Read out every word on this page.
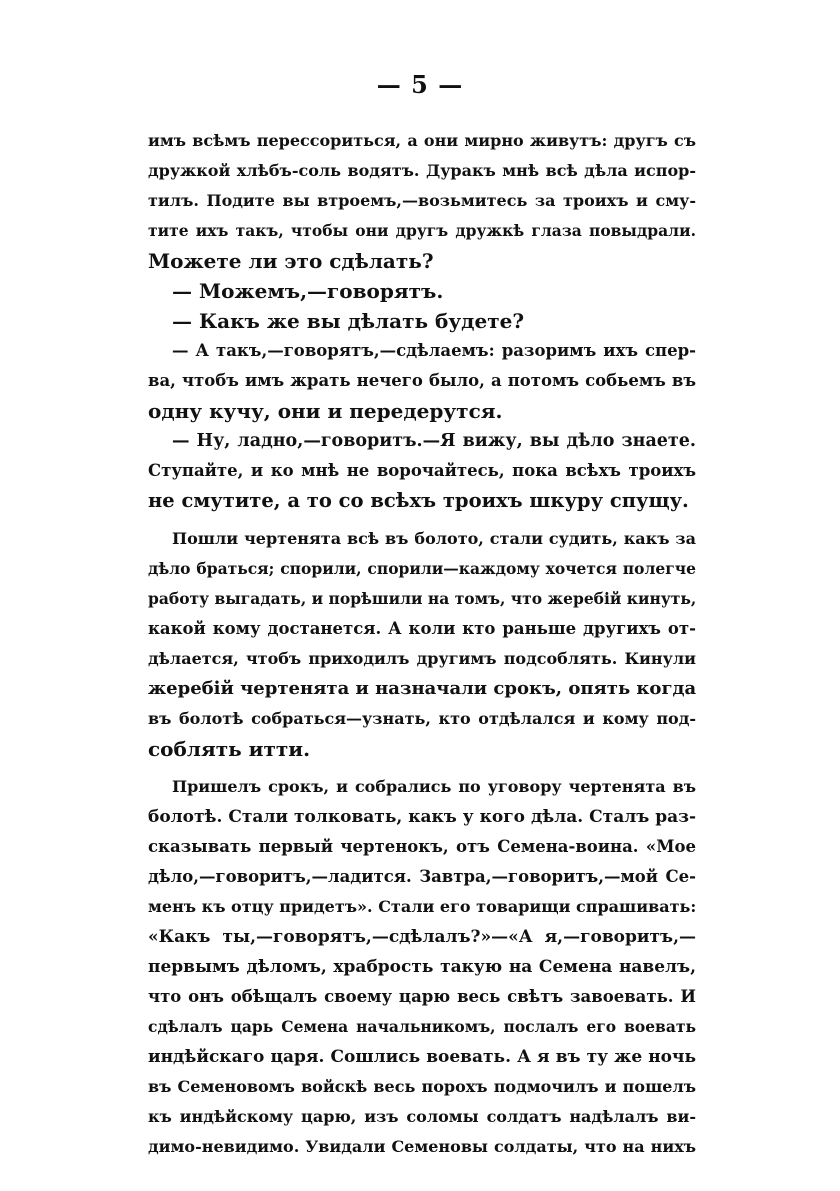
— 5 —
имъ всѣмъ перессориться, а они мирно живутъ: другъ съ
дружкой хлѣбъ-соль водятъ. Дуракъ мнѣ всѣ дѣла испор-
тилъ. Подите вы втроемъ,—возьмитесь за троихъ и сму-
тите ихъ такъ, чтобы они другъ дружкѣ глаза повыдрали.
Можете ли это сдѣлать?
— Можемъ,—говорятъ.
— Какъ же вы дѣлать будете?
— А такъ,—говорятъ,—сдѣлаемъ: разоримъ ихъ спер-
ва, чтобъ имъ жрать нечего было, а потомъ собьемъ въ
одну кучу, они и передерутся.
— Ну, ладно,—говоритъ.—Я вижу, вы дѣло знаете.
Ступайте, и ко мнѣ не ворочайтесь, пока всѣхъ троихъ
не смутите, а то со всѣхъ троихъ шкуру спущу.
Пошли чертенята всѣ въ болото, стали судить, какъ за
дѣло браться; спорили, спорили—каждому хочется полегче
работу выгадать, и порѣшили на томъ, что жеребій кинуть,
какой кому достанется. А коли кто раньше другихъ от-
дѣлается, чтобъ приходилъ другимъ подсоблять. Кинули
жеребій чертенята и назначали срокъ, опять когда
въ болотѣ собраться—узнать, кто отдѣлался и кому под-
соблять итти.
Пришелъ срокъ, и собрались по уговору чертенята въ
болотѣ. Стали толковать, какъ у кого дѣла. Сталъ раз-
сказывать первый чертенокъ, отъ Семена-воина. «Мое
дѣло,—говоритъ,—ладится. Завтра,—говоритъ,—мой Се-
менъ къ отцу придетъ». Стали его товарищи спрашивать:
«Какъ ты,—говорятъ,—сдѣлалъ?»—«А я,—говоритъ,—
первымъ дѣломъ, храбрость такую на Семена навелъ,
что онъ обѣщалъ своему царю весь свѣтъ завоевать. И
сдѣлалъ царь Семена начальникомъ, послалъ его воевать
индѣйскаго царя. Сошлись воевать. А я въ ту же ночь
въ Семеновомъ войскѣ весь порохъ подмочилъ и пошелъ
къ индѣйскому царю, изъ соломы солдатъ надѣлалъ ви-
димо-невидимо. Увидали Семеновы солдаты, что на нихъ
